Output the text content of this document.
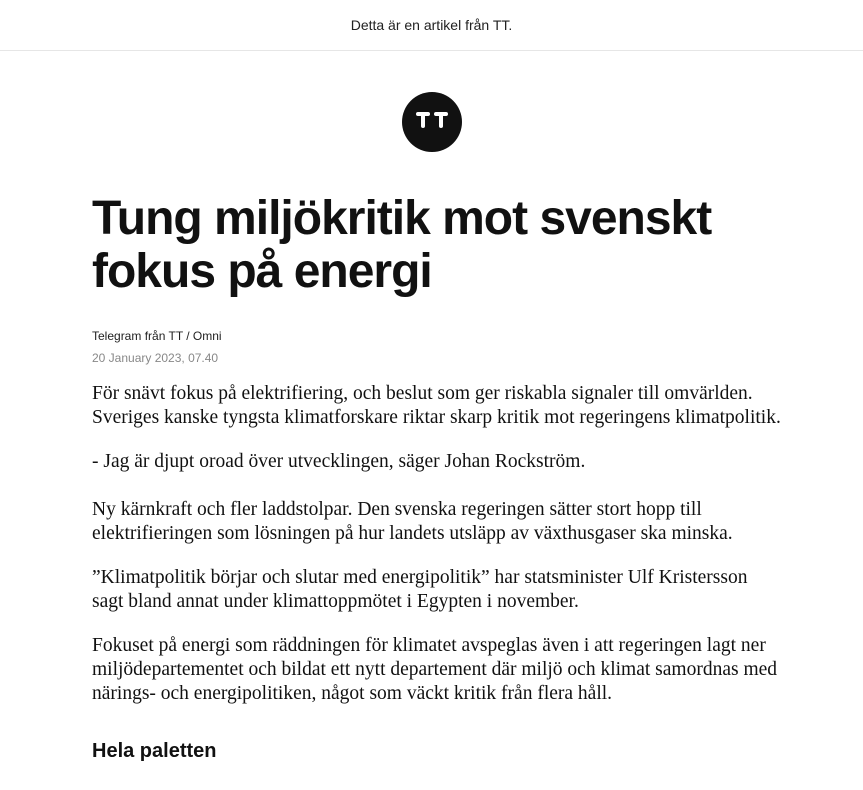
Detta är en artikel från TT.
Tung miljökritik mot svenskt fokus på energi
Telegram från TT / Omni
20 January 2023, 07.40

För snävt fokus på elektrifiering, och beslut som ger riskabla signaler till omvärlden. Sveriges kanske tyngsta klimatforskare riktar skarp kritik mot regeringens klimatpolitik.

- Jag är djupt oroad över utvecklingen, säger Johan Rockström.

Ny kärnkraft och fler laddstolpar. Den svenska regeringen sätter stort hopp till elektrifieringen som lösningen på hur landets utsläpp av växthusgaser ska minska.

”Klimatpolitik börjar och slutar med energipolitik” har statsminister Ulf Kristersson sagt bland annat under klimattoppmötet i Egypten i november.

Fokuset på energi som räddningen för klimatet avspeglas även i att regeringen lagt ner miljödepartementet och bildat ett nytt departement där miljö och klimat samordnas med närings- och energipolitiken, något som väckt kritik från flera håll.

Hela paletten
